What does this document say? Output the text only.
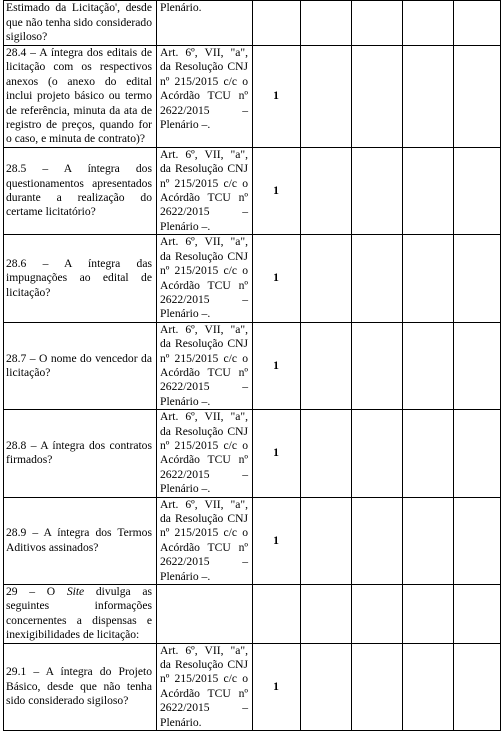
Estimado da Licitação', desde que não tenha sido considerado sigiloso?	Plenário.					
28.4 – A íntegra dos editais de licitação com os respectivos anexos (o anexo do edital inclui projeto básico ou termo de referência, minuta da ata de registro de preços, quando for o caso, e minuta de contrato)?	Art. 6º, VII, "a", da Resolução CNJ nº 215/2015 c/c o Acórdão TCU nº 2622/2015 – Plenário –.	1				
28.5 – A íntegra dos questionamentos apresentados durante a realização do certame licitatório?	Art. 6º, VII, "a", da Resolução CNJ nº 215/2015 c/c o Acórdão TCU nº 2622/2015 – Plenário –.	1				
28.6 – A íntegra das impugnações ao edital de licitação?	Art. 6º, VII, "a", da Resolução CNJ nº 215/2015 c/c o Acórdão TCU nº 2622/2015 – Plenário –.	1				
28.7 – O nome do vencedor da licitação?	Art. 6º, VII, "a", da Resolução CNJ nº 215/2015 c/c o Acórdão TCU nº 2622/2015 – Plenário –.	1				
28.8 – A íntegra dos contratos firmados?	Art. 6º, VII, "a", da Resolução CNJ nº 215/2015 c/c o Acórdão TCU nº 2622/2015 – Plenário –.	1				
28.9 – A íntegra dos Termos Aditivos assinados?	Art. 6º, VII, "a", da Resolução CNJ nº 215/2015 c/c o Acórdão TCU nº 2622/2015 – Plenário –.	1				
29 – O Site divulga as seguintes informações concernentes a dispensas e inexigibilidades de licitação:						
29.1 – A íntegra do Projeto Básico, desde que não tenha sido considerado sigiloso?	Art. 6º, VII, "a", da Resolução CNJ nº 215/2015 c/c o Acórdão TCU nº 2622/2015 – Plenário.	1				
